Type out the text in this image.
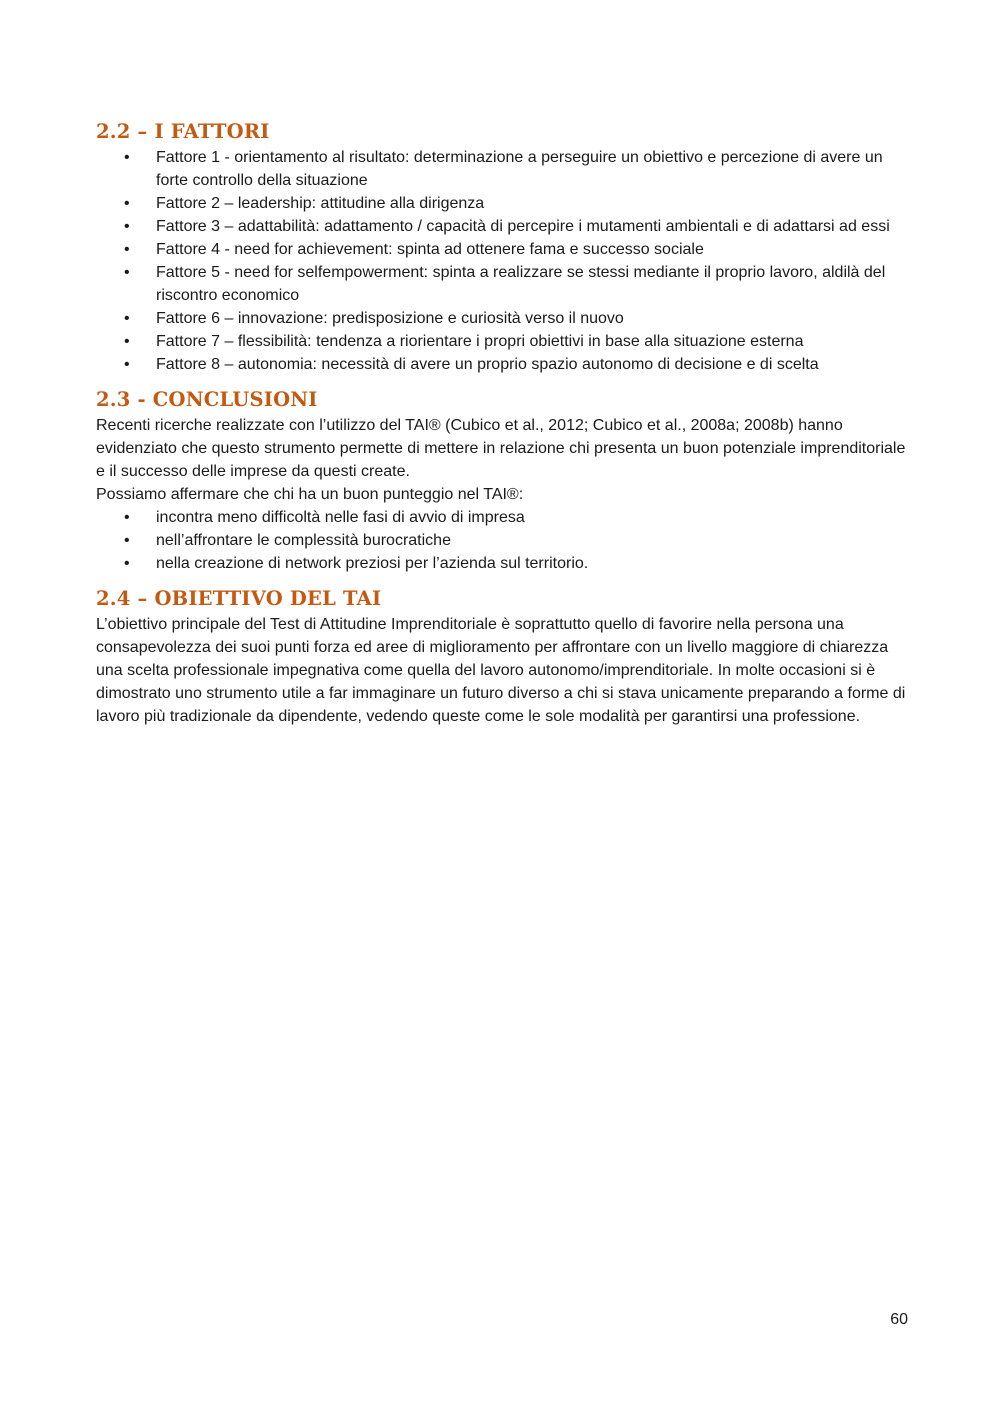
2.2 – I FATTORI
• Fattore 1 - orientamento al risultato: determinazione a perseguire un obiettivo e percezione di avere un forte controllo della situazione
• Fattore 2 – leadership: attitudine alla dirigenza
• Fattore 3 – adattabilità: adattamento / capacità di percepire i mutamenti ambientali e di adattarsi ad essi
• Fattore 4 - need for achievement: spinta ad ottenere fama e successo sociale
• Fattore 5 - need for selfempowerment: spinta a realizzare se stessi mediante il proprio lavoro, aldilà del riscontro economico
• Fattore 6 – innovazione: predisposizione e curiosità verso il nuovo
• Fattore 7 – flessibilità: tendenza a riorientare i propri obiettivi in base alla situazione esterna
• Fattore 8 – autonomia: necessità di avere un proprio spazio autonomo di decisione e di scelta
2.3 - CONCLUSIONI

Recenti ricerche realizzate con l’utilizzo del TAI® (Cubico et al., 2012; Cubico et al., 2008a; 2008b) hanno evidenziato che questo strumento permette di mettere in relazione chi presenta un buon potenziale imprenditoriale e il successo delle imprese da questi create.

Possiamo affermare che chi ha un buon punteggio nel TAI®:

• incontra meno difficoltà nelle fasi di avvio di impresa
• nell’affrontare le complessità burocratiche
• nella creazione di network preziosi per l’azienda sul territorio.
2.4 – OBIETTIVO DEL TAI

L’obiettivo principale del Test di Attitudine Imprenditoriale è soprattutto quello di favorire nella persona una consapevolezza dei suoi punti forza ed aree di miglioramento per affrontare con un livello maggiore di chiarezza una scelta professionale impegnativa come quella del lavoro autonomo/imprenditoriale. In molte occasioni si è dimostrato uno strumento utile a far immaginare un futuro diverso a chi si stava unicamente preparando a forme di lavoro più tradizionale da dipendente, vedendo queste come le sole modalità per garantirsi una professione.

60
